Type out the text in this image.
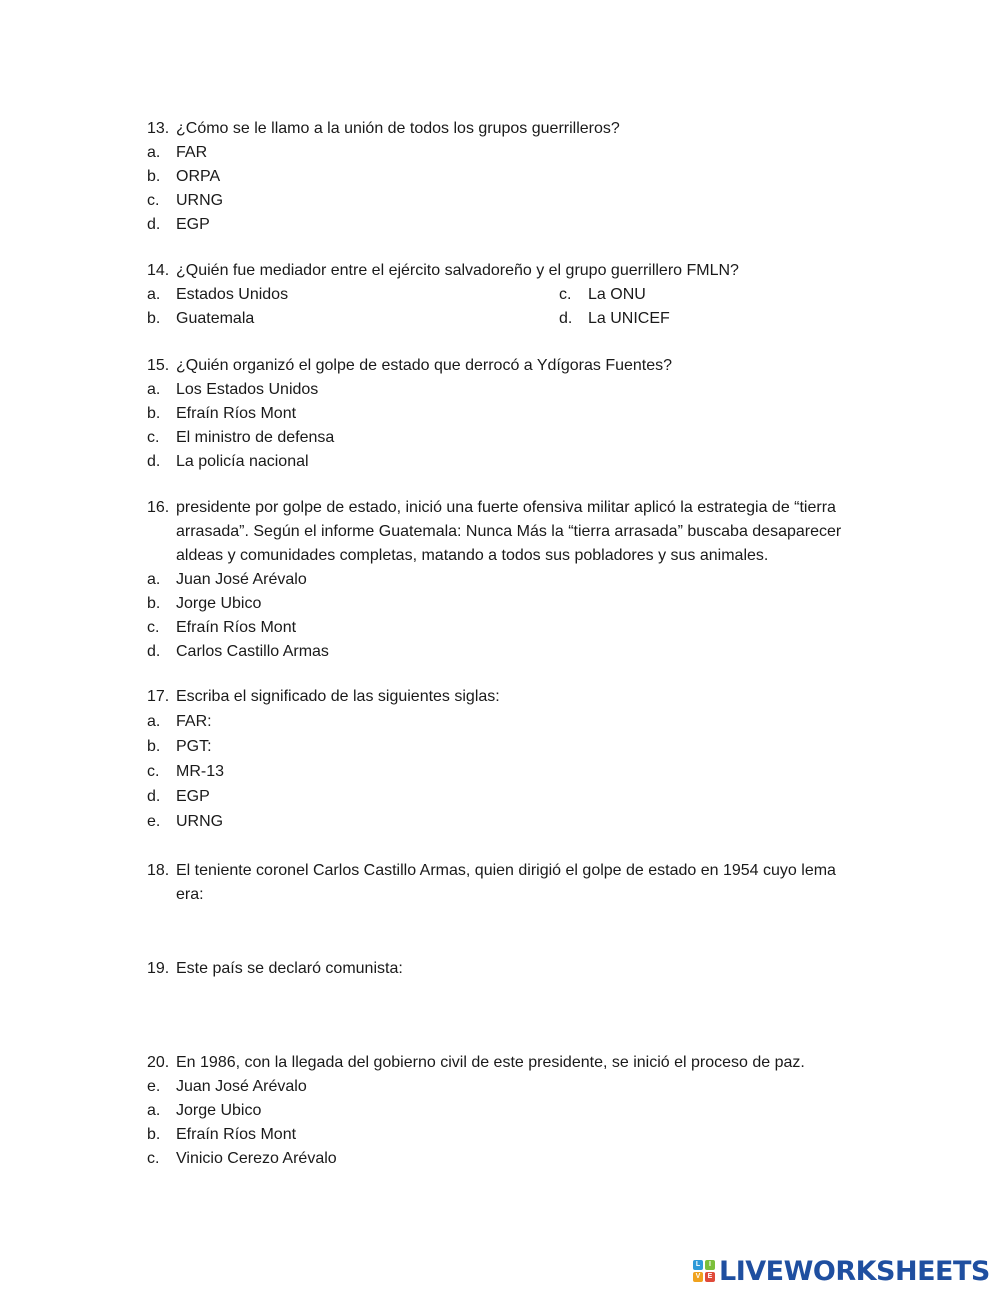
13. ¿Cómo se le llamo a la unión de todos los grupos guerrilleros?
a. FAR
b. ORPA
c.	URNG
d. EGP
14. ¿Quién fue mediador entre el ejército salvadoreño y el grupo guerrillero FMLN?
a. Estados Unidos	c.	La ONU
b. Guatemala	d. La UNICEF
15. ¿Quién organizó el golpe de estado que derrocó a Ydígoras Fuentes?
a. Los Estados Unidos
b. Efraín Ríos Mont
c.	El ministro de defensa
d. La policía nacional
16. presidente por golpe de estado, inició una fuerte ofensiva militar aplicó la estrategia de “tierra arrasada”. Según el informe Guatemala: Nunca Más la “tierra arrasada” buscaba desaparecer aldeas y comunidades completas, matando a todos sus pobladores y sus animales.
a. Juan José Arévalo
b. Jorge Ubico
c.	Efraín Ríos Mont
d. Carlos Castillo Armas
17. Escriba el significado de las siguientes siglas:
a. FAR:
b. PGT:
c.	MR-13
d. EGP
e. URNG
18. El teniente coronel Carlos Castillo Armas, quien dirigió el golpe de estado en 1954 cuyo lema era:
19. Este país se declaró comunista:
20. En 1986, con la llegada del gobierno civil de este presidente, se inició el proceso de paz.
e. Juan José Arévalo
a. Jorge Ubico
b. Efraín Ríos Mont
c.	Vinicio Cerezo Arévalo
L	I
V	E LIVEWORKSHEETS
